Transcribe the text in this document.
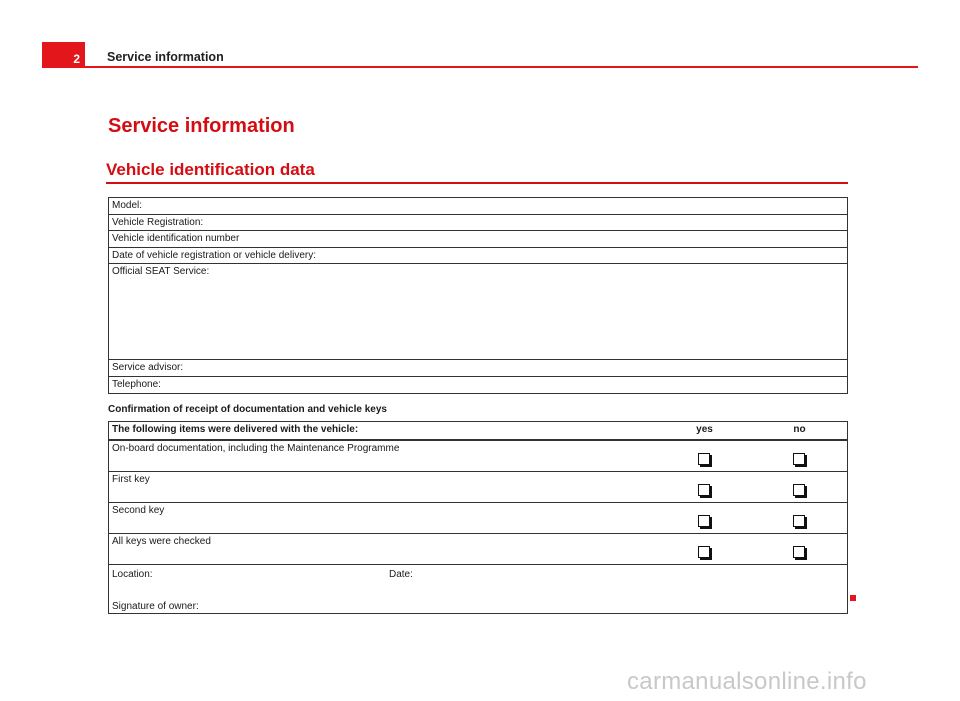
2	Service information
Service information
Vehicle identification data
Model:
Vehicle Registration:
Vehicle identification number
Date of vehicle registration or vehicle delivery:
Official SEAT Service:
Service advisor:
Telephone:
Confirmation of receipt of documentation and vehicle keys
The following items were delivered with the vehicle:	yes	no
On-board documentation, including the Maintenance Programme
First key
Second key
All keys were checked
Location:	Date:
Signature of owner:
carmanualsonline.info
